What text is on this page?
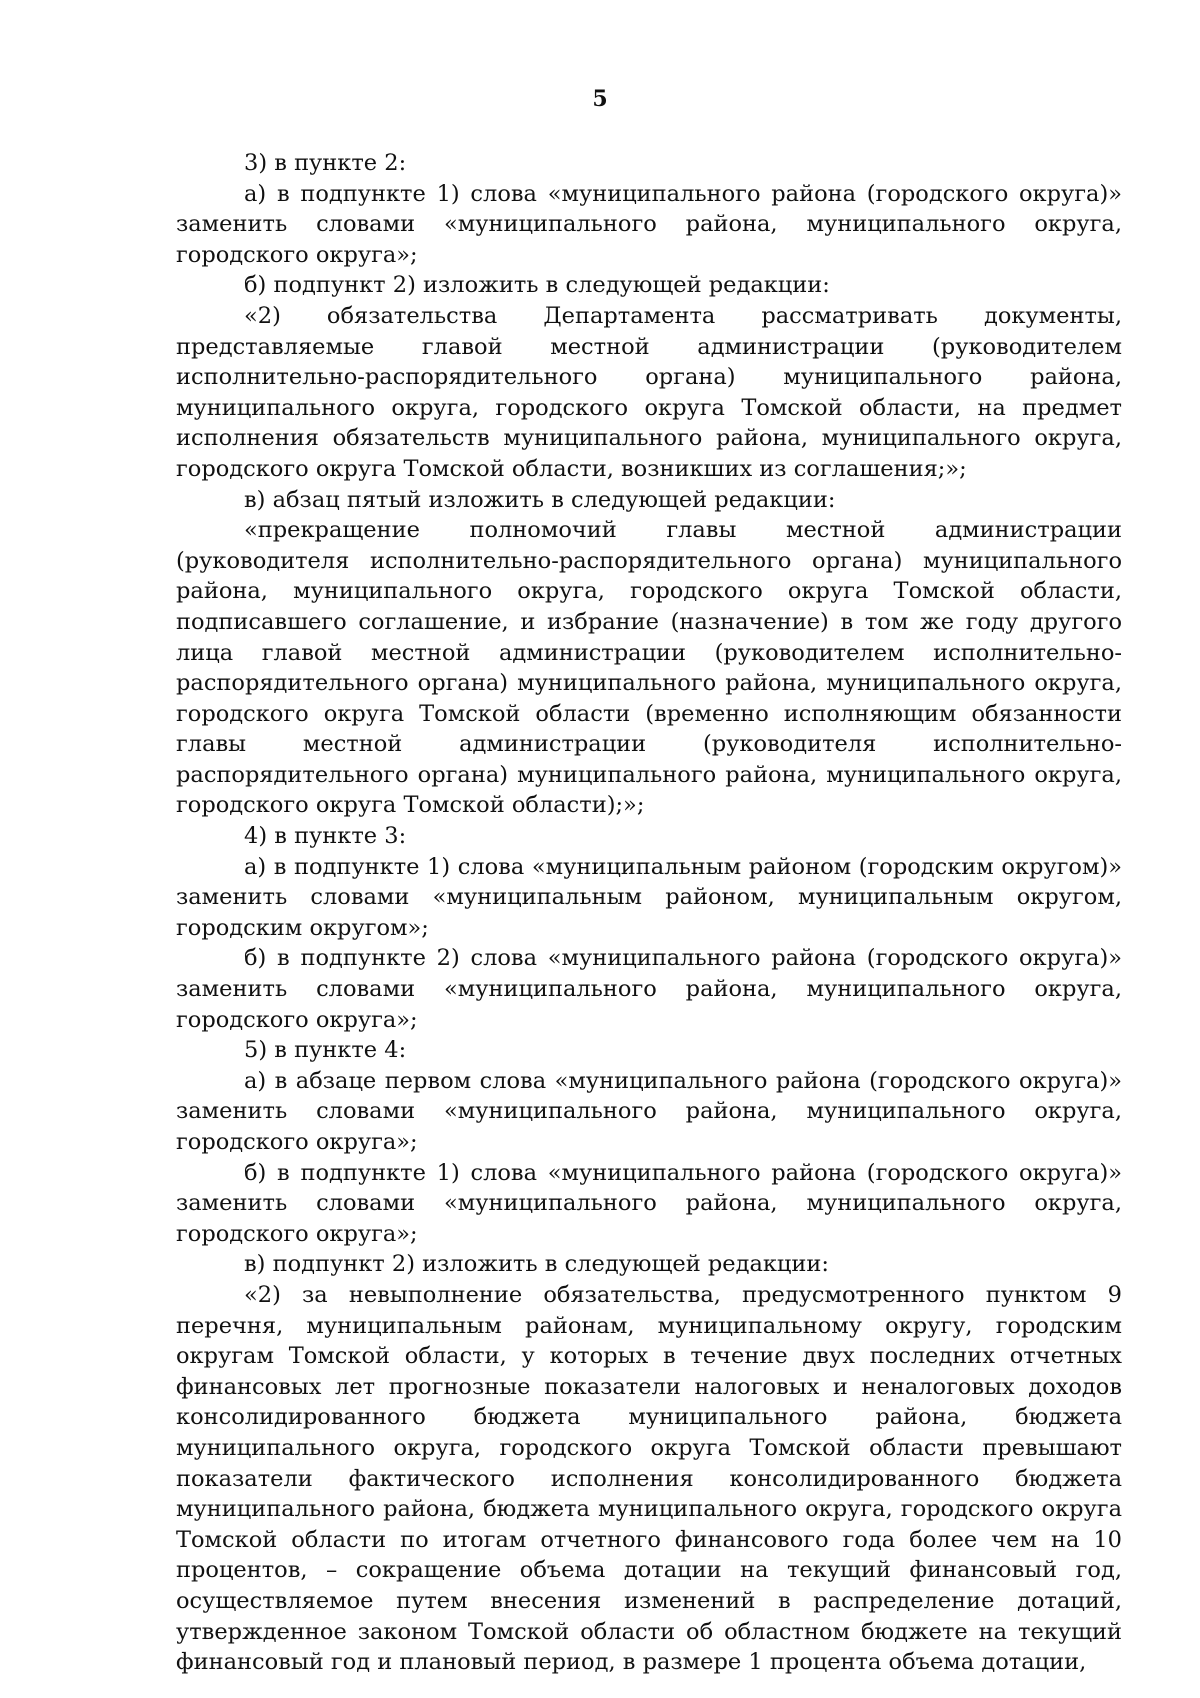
5

3) в пункте 2:

а) в подпункте 1) слова «муниципального района (городского округа)» заменить словами «муниципального района, муниципального округа, городского округа»;

б) подпункт 2) изложить в следующей редакции:

«2) обязательства Департамента рассматривать документы, представляемые главой местной администрации (руководителем исполнительно-распорядительного органа) муниципального района, муниципального округа, городского округа Томской области, на предмет исполнения обязательств муниципального района, муниципального округа, городского округа Томской области, возникших из соглашения;»;

в) абзац пятый изложить в следующей редакции:

«прекращение полномочий главы местной администрации (руководителя исполнительно-распорядительного органа) муниципального района, муниципального округа, городского округа Томской области, подписавшего соглашение, и избрание (назначение) в том же году другого лица главой местной администрации (руководителем исполнительно-распорядительного органа) муниципального района, муниципального округа, городского округа Томской области (временно исполняющим обязанности главы местной администрации (руководителя исполнительно-распорядительного органа) муниципального района, муниципального округа, городского округа Томской области);»;

4) в пункте 3:

а) в подпункте 1) слова «муниципальным районом (городским округом)» заменить словами «муниципальным районом, муниципальным округом, городским округом»;

б) в подпункте 2) слова «муниципального района (городского округа)» заменить словами «муниципального района, муниципального округа, городского округа»;

5) в пункте 4:

а) в абзаце первом слова «муниципального района (городского округа)» заменить словами «муниципального района, муниципального округа, городского округа»;

б) в подпункте 1) слова «муниципального района (городского округа)» заменить словами «муниципального района, муниципального округа, городского округа»;

в) подпункт 2) изложить в следующей редакции:

«2) за невыполнение обязательства, предусмотренного пунктом 9 перечня, муниципальным районам, муниципальному округу, городским округам Томской области, у которых в течение двух последних отчетных финансовых лет прогнозные показатели налоговых и неналоговых доходов консолидированного бюджета муниципального района, бюджета муниципального округа, городского округа Томской области превышают показатели фактического исполнения консолидированного бюджета муниципального района, бюджета муниципального округа, городского округа Томской области по итогам отчетного финансового года более чем на 10 процентов, – сокращение объема дотации на текущий финансовый год, осуществляемое путем внесения изменений в распределение дотаций, утвержденное законом Томской области об областном бюджете на текущий финансовый год и плановый период, в размере 1 процента объема дотации,
